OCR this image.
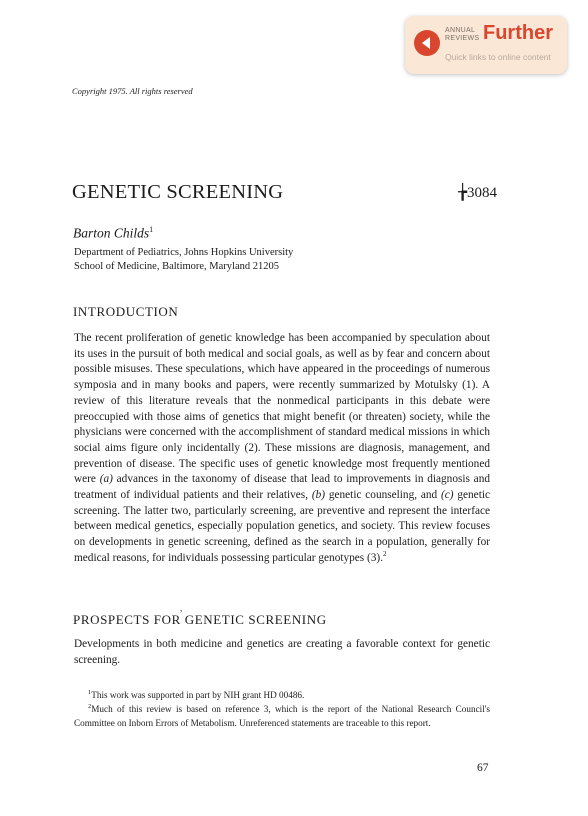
ANNUAL
REVIEWS Further
Quick links to online content
Copyright 1975. All rights reserved
GENETIC SCREENING	╆3084
Barton Childs$^1$
Department of Pediatrics, Johns Hopkins University
School of Medicine, Baltimore, Maryland 21205
INTRODUCTION
The recent proliferation of genetic knowledge has been accompanied by speculation about its uses in the pursuit of both medical and social goals, as well as by fear and concern about possible misuses. These speculations, which have appeared in the proceedings of numerous symposia and in many books and papers, were recently summarized by Motulsky (1). A review of this literature reveals that the nonmedical participants in this debate were preoccupied with those aims of genetics that might benefit (or threaten) society, while the physicians were concerned with the accomplishment of standard medical missions in which social aims figure only incidentally (2). These missions are diagnosis, management, and prevention of disease. The specific uses of genetic knowledge most frequently mentioned were (a) advances in the taxonomy of disease that lead to improvements in diagnosis and treatment of individual patients and their relatives, (b) genetic counseling, and (c) genetic screening. The latter two, particularly screening, are preventive and represent the interface between medical genetics, especially population genetics, and society. This review focuses on developments in genetic screening, defined as the search in a population, generally for medical reasons, for individuals possessing particular genotypes (3).$^2$
,
PROSPECTS FOR GENETIC SCREENING
Developments in both medicine and genetics are creating a favorable context for genetic screening.
$^1$This work was supported in part by NIH grant HD 00486.
$^2$Much of this review is based on reference 3, which is the report of the National Research Council's Committee on Inborn Errors of Metabolism. Unreferenced statements are traceable to this report.
67
